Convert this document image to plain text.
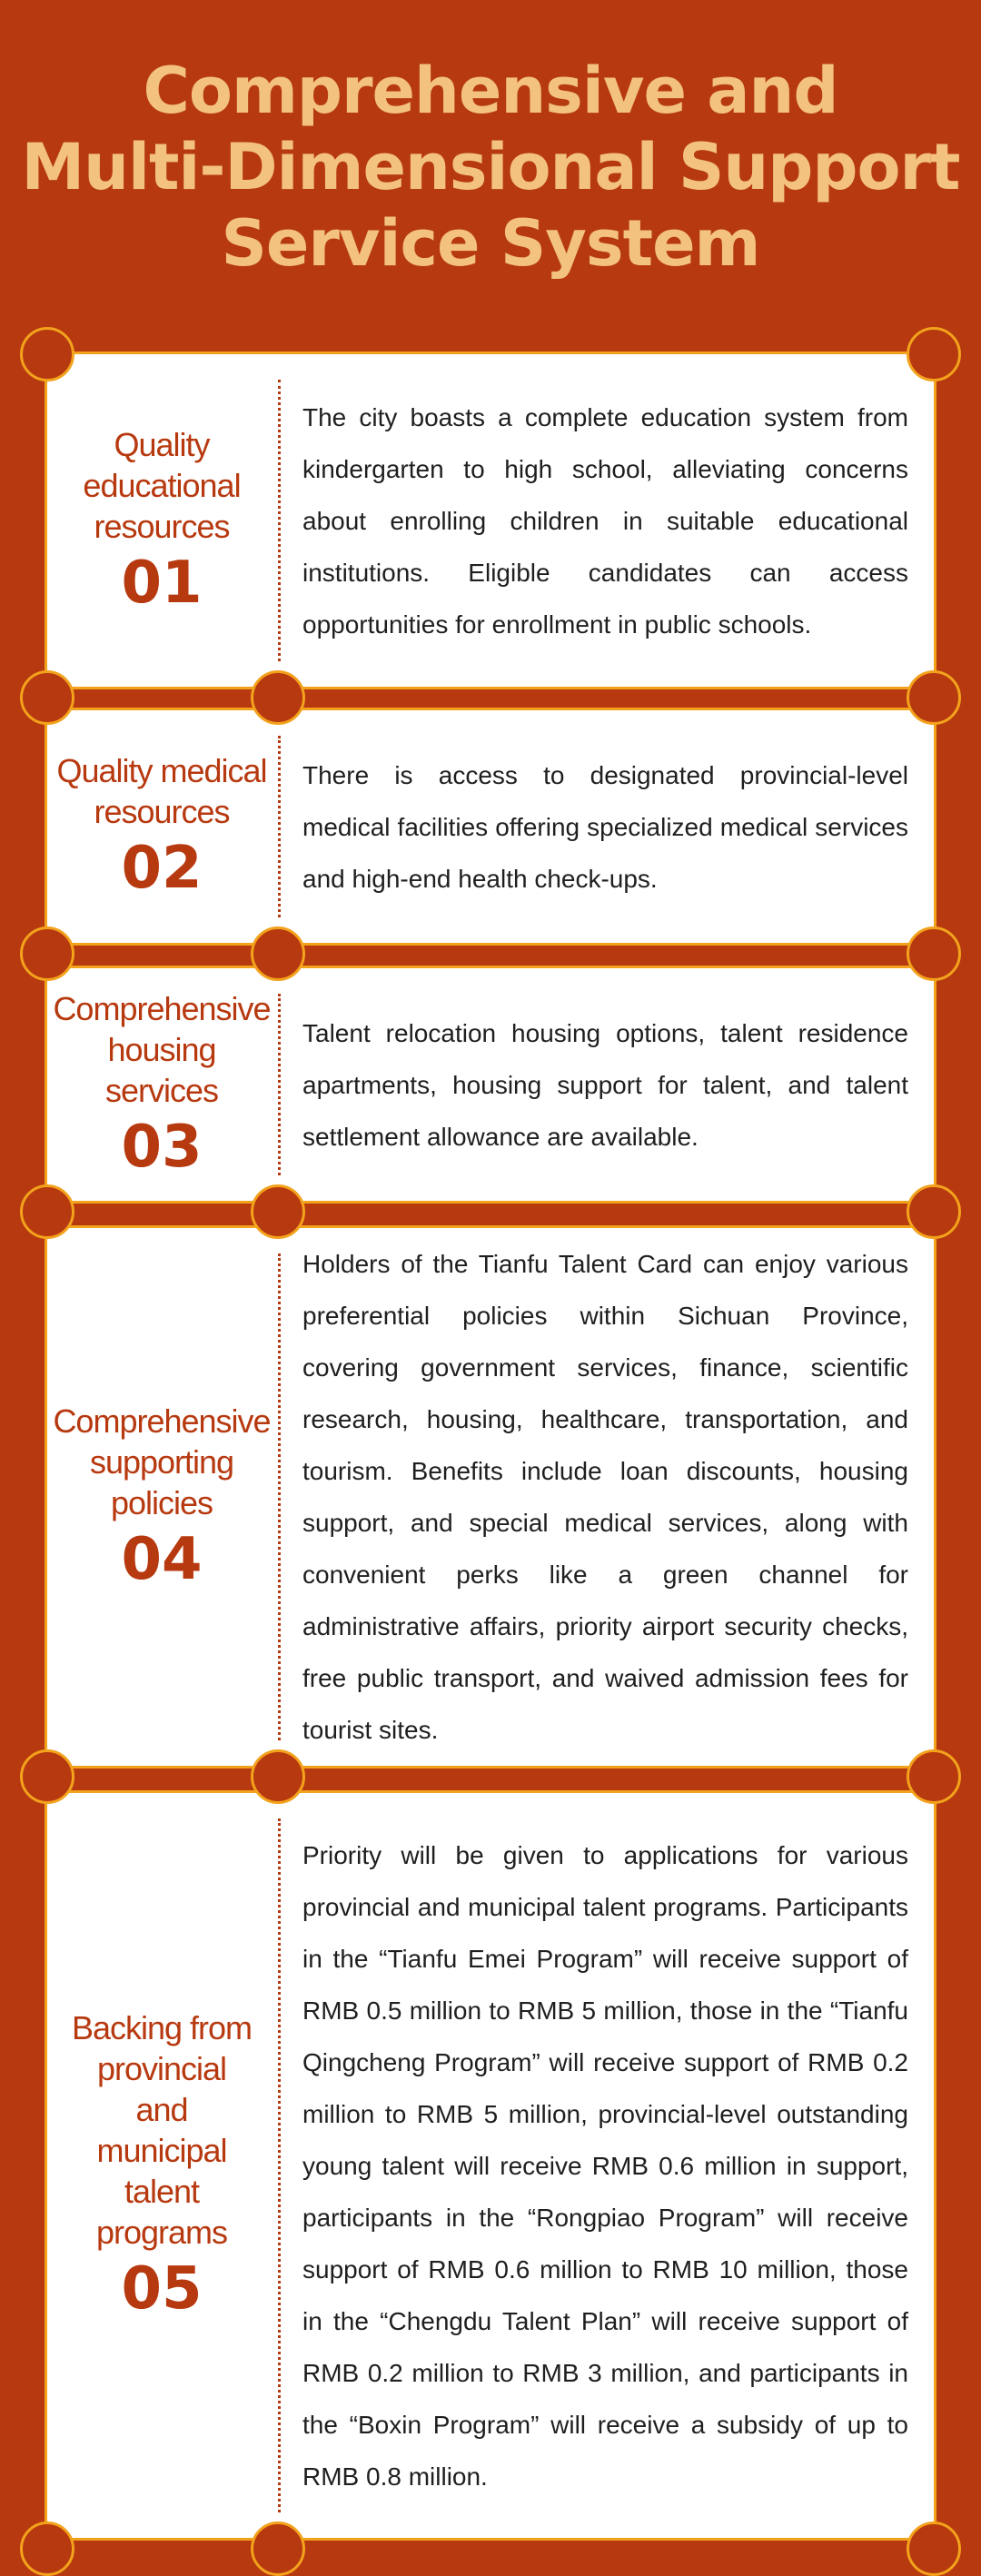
Comprehensive and
Multi-Dimensional Support
Service System
Quality
educational
resources
01

The city boasts a complete education system from kindergarten to high school, alleviating concerns about enrolling children in suitable educational institutions. Eligible candidates can access opportunities for enrollment in public schools.

Quality medical
resources
02

There is access to designated provincial-level medical facilities offering specialized medical services and high-end health check-ups.

Comprehensive
housing
services
03

Talent relocation housing options, talent residence apartments, housing support for talent, and talent settlement allowance are available.

Comprehensive
supporting
policies
04

Holders of the Tianfu Talent Card can enjoy various preferential policies within Sichuan Province, covering government services, finance, scientific research, housing, healthcare, transportation, and tourism. Benefits include loan discounts, housing support, and special medical services, along with convenient perks like a green channel for administrative affairs, priority airport security checks, free public transport, and waived admission fees for tourist sites.

Backing from
provincial
and
municipal
talent
programs
05

Priority will be given to applications for various provincial and municipal talent programs. Participants in the “Tianfu Emei Program” will receive support of RMB 0.5 million to RMB 5 million, those in the “Tianfu Qingcheng Program” will receive support of RMB 0.2 million to RMB 5 million, provincial-level outstanding young talent will receive RMB 0.6 million in support, participants in the “Rongpiao Program” will receive support of RMB 0.6 million to RMB 10 million, those in the “Chengdu Talent Plan” will receive support of RMB 0.2 million to RMB 3 million, and participants in the “Boxin Program” will receive a subsidy of up to RMB 0.8 million.
